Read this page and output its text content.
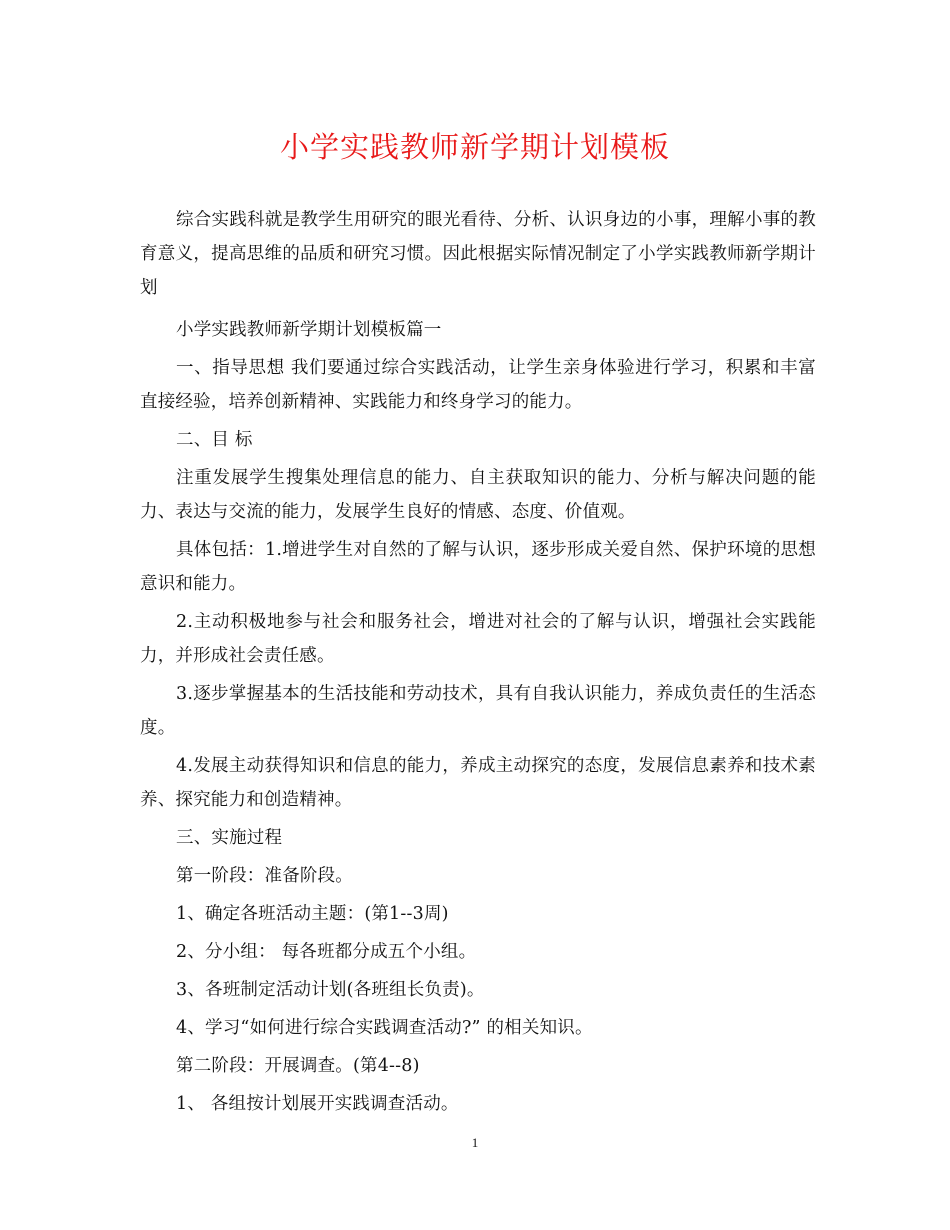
小学实践教师新学期计划模板

综合实践科就是教学生用研究的眼光看待、分析、认识身边的小事，理解小事的教育意义，提高思维的品质和研究习惯。因此根据实际情况制定了小学实践教师新学期计划

小学实践教师新学期计划模板篇一

一、指导思想 我们要通过综合实践活动，让学生亲身体验进行学习，积累和丰富直接经验，培养创新精神、实践能力和终身学习的能力。

二、目 标

注重发展学生搜集处理信息的能力、自主获取知识的能力、分析与解决问题的能力、表达与交流的能力，发展学生良好的情感、态度、价值观。

具体包括：1.增进学生对自然的了解与认识，逐步形成关爱自然、保护环境的思想意识和能力。

2.主动积极地参与社会和服务社会，增进对社会的了解与认识，增强社会实践能力，并形成社会责任感。

3.逐步掌握基本的生活技能和劳动技术，具有自我认识能力，养成负责任的生活态度。

4.发展主动获得知识和信息的能力，养成主动探究的态度，发展信息素养和技术素养、探究能力和创造精神。

三、实施过程

第一阶段：准备阶段。

1、确定各班活动主题：(第1--3周)

2、分小组： 每各班都分成五个小组。

3、各班制定活动计划(各班组长负责)。

4、学习“如何进行综合实践调查活动?” 的相关知识。

第二阶段：开展调查。(第4--8)

1、 各组按计划展开实践调查活动。

1
